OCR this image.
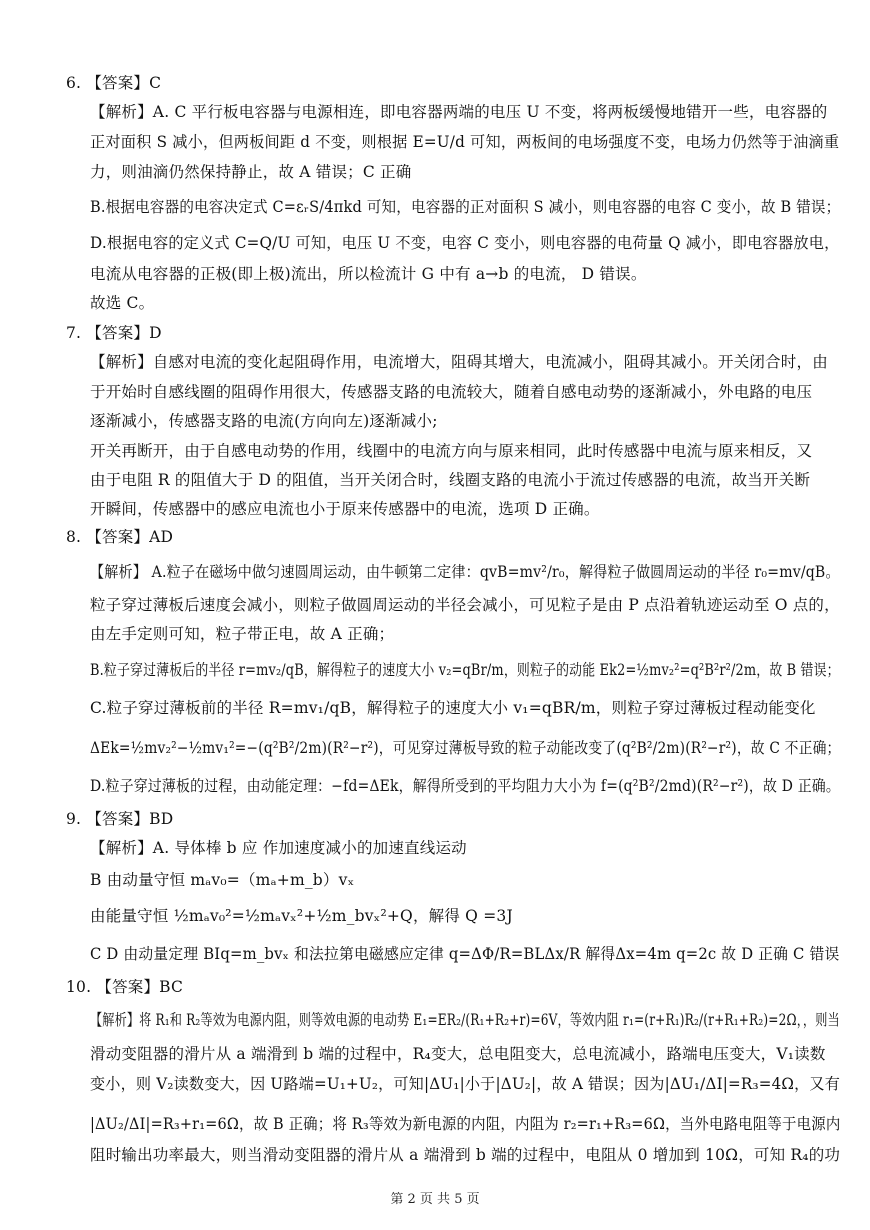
6. 【答案】C
【解析】A. C 平行板电容器与电源相连，即电容器两端的电压 U 不变，将两板缓慢地错开一些，电容器的
正对面积 S 减小，但两板间距 d 不变，则根据 E=U/d 可知，两板间的电场强度不变，电场力仍然等于油滴重
力，则油滴仍然保持静止，故 A 错误；C 正确
B.根据电容器的电容决定式 C=εᵣS/4πkd 可知，电容器的正对面积 S 减小，则电容器的电容 C 变小，故 B 错误；
D.根据电容的定义式 C=Q/U 可知，电压 U 不变，电容 C 变小，则电容器的电荷量 Q 减小，即电容器放电，
电流从电容器的正极(即上极)流出，所以检流计 G 中有 a→b 的电流， D 错误。
故选 C。
7. 【答案】D
【解析】自感对电流的变化起阻碍作用，电流增大，阻碍其增大，电流减小，阻碍其减小。开关闭合时，由
于开始时自感线圈的阻碍作用很大，传感器支路的电流较大，随着自感电动势的逐渐减小，外电路的电压
逐渐减小，传感器支路的电流(方向向左)逐渐减小;
开关再断开，由于自感电动势的作用，线圈中的电流方向与原来相同，此时传感器中电流与原来相反，又
由于电阻 R 的阻值大于 D 的阻值，当开关闭合时，线圈支路的电流小于流过传感器的电流，故当开关断
开瞬间，传感器中的感应电流也小于原来传感器中的电流，选项 D 正确。
8. 【答案】AD
【解析】 A.粒子在磁场中做匀速圆周运动，由牛顿第二定律：qvB=mv²/r₀，解得粒子做圆周运动的半径 r₀=mv/qB。
粒子穿过薄板后速度会减小，则粒子做圆周运动的半径会减小，可见粒子是由 P 点沿着轨迹运动至 O 点的，
由左手定则可知，粒子带正电，故 A 正确；
B.粒子穿过薄板后的半径 r=mv₂/qB，解得粒子的速度大小 v₂=qBr/m，则粒子的动能 Ek2=½mv₂²=q²B²r²/2m，故 B 错误；
C.粒子穿过薄板前的半径 R=mv₁/qB，解得粒子的速度大小 v₁=qBR/m，则粒子穿过薄板过程动能变化
ΔEk=½mv₂²−½mv₁²=−(q²B²/2m)(R²−r²)，可见穿过薄板导致的粒子动能改变了(q²B²/2m)(R²−r²)，故 C 不正确；
D.粒子穿过薄板的过程，由动能定理：−fd=ΔEk，解得所受到的平均阻力大小为 f=(q²B²/2md)(R²−r²)，故 D 正确。
9. 【答案】BD
【解析】A. 导体棒 b 应 作加速度减小的加速直线运动
B 由动量守恒 mₐv₀=（mₐ+m_b）vₓ
由能量守恒 ½mₐv₀²=½mₐvₓ²+½m_bvₓ²+Q，解得 Q =3J
C D 由动量定理 BIq=m_bvₓ 和法拉第电磁感应定律 q=ΔΦ/R=BLΔx/R 解得Δx=4m q=2c 故 D 正确 C 错误
10. 【答案】BC
【解析】将 R₁和 R₂等效为电源内阻，则等效电源的电动势 E₁=ER₂/(R₁+R₂+r)=6V，等效内阻 r₁=(r+R₁)R₂/(r+R₁+R₂)=2Ω，，则当
滑动变阻器的滑片从 a 端滑到 b 端的过程中，R₄变大，总电阻变大，总电流减小，路端电压变大，V₁读数
变小，则 V₂读数变大，因 U路端=U₁+U₂，可知|ΔU₁|小于|ΔU₂|，故 A 错误；因为|ΔU₁/ΔI|=R₃=4Ω，又有
|ΔU₂/ΔI|=R₃+r₁=6Ω，故 B 正确；将 R₃等效为新电源的内阻，内阻为 r₂=r₁+R₃=6Ω，当外电路电阻等于电源内
阻时输出功率最大，则当滑动变阻器的滑片从 a 端滑到 b 端的过程中，电阻从 0 增加到 10Ω，可知 R₄的功
第 2 页 共 5 页
